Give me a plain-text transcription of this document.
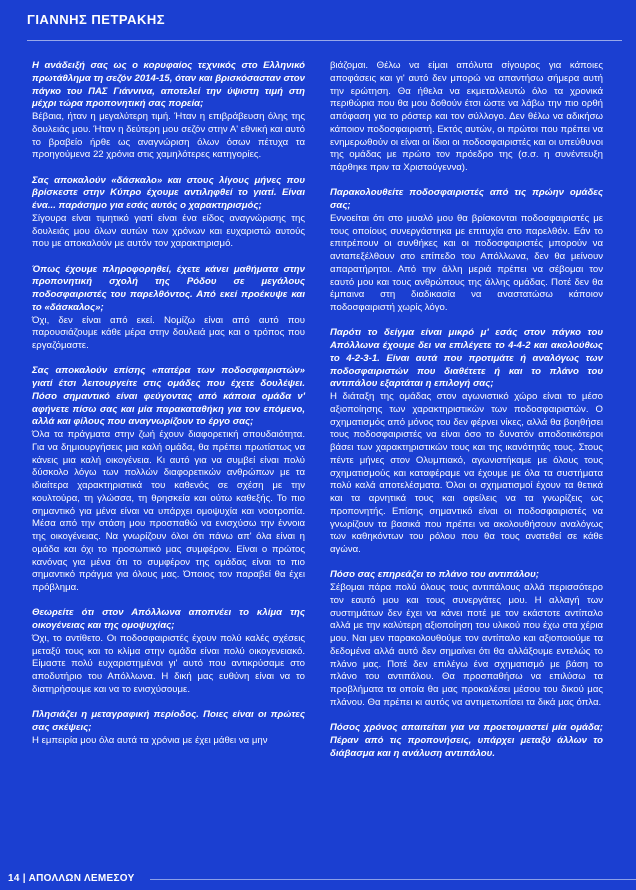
ΓΙΑΝΝΗΣ ΠΕΤΡΑΚΗΣ
Η ανάδειξή σας ως ο κορυφαίος τεχνικός στο Ελληνικό πρωτάθλημα τη σεζόν 2014-15, όταν και βρισκόσασταν στον πάγκο του ΠΑΣ Γιάννινα, αποτελεί την ύψιστη τιμή στη μέχρι τώρα προπονητική σας πορεία;
Βέβαια, ήταν η μεγαλύτερη τιμή. Ήταν η επιβράβευση όλης της δουλειάς μου. Ήταν η δεύτερη μου σεζόν στην Α' εθνική και αυτό το βραβείο ήρθε ως αναγνώριση όλων όσων πέτυχα τα προηγούμενα 22 χρόνια στις χαμηλότερες κατηγορίες.
Σας αποκαλούν «δάσκαλο» και στους λίγους μήνες που βρίσκεστε στην Κύπρο έχουμε αντιληφθεί το γιατί. Είναι ένα... παράσημο για εσάς αυτός ο χαρακτηρισμός;
Σίγουρα είναι τιμητικό γιατί είναι ένα είδος αναγνώρισης της δουλειάς μου όλων αυτών των χρόνων και ευχαριστώ αυτούς που με αποκαλούν με αυτόν τον χαρακτηρισμό.
Όπως έχουμε πληροφορηθεί, έχετε κάνει μαθήματα στην προπονητική σχολή της Ρόδου σε μεγάλους ποδοσφαιριστές του παρελθόντος. Από εκεί προέκυψε και το «δάσκαλος»;
Όχι, δεν είναι από εκεί. Νομίζω είναι από αυτό που παρουσιάζουμε κάθε μέρα στην δουλειά μας και ο τρόπος που εργαζόμαστε.
Σας αποκαλούν επίσης «πατέρα των ποδοσφαιριστών» γιατί έτσι λειτουργείτε στις ομάδες που έχετε δουλέψει. Πόσο σημαντικό είναι φεύγοντας από κάποια ομάδα ν' αφήνετε πίσω σας και μία παρακαταθήκη για τον επόμενο, αλλά και φίλους που αναγνωρίζουν το έργο σας;
Όλα τα πράγματα στην ζωή έχουν διαφορετική σπουδαιότητα. Για να δημιουργήσεις μια καλή ομάδα, θα πρέπει πρωτίστως να κάνεις μια καλή οικογένεια. Κι αυτό για να συμβεί είναι πολύ δύσκολο λόγω των πολλών διαφορετικών ανθρώπων με τα ιδιαίτερα χαρακτηριστικά του καθενός σε σχέση με την κουλτούρα, τη γλώσσα, τη θρησκεία και ούτω καθεξής. Το πιο σημαντικό για μένα είναι να υπάρχει ομοψυχία και νοοτροπία. Μέσα από την στάση μου προσπαθώ να ενισχύσω την έννοια της οικογένειας. Να γνωρίζουν όλοι ότι πάνω απ' όλα είναι η ομάδα και όχι το προσωπικό μας συμφέρον. Είναι ο πρώτος κανόνας για μένα ότι το συμφέρον της ομάδας είναι το πιο σημαντικό πράγμα για όλους μας. Όποιος τον παραβεί θα έχει πρόβλημα.
Θεωρείτε ότι στον Απόλλωνα αποπνέει το κλίμα της οικογένειας και της ομοψυχίας;
Όχι, το αντίθετο. Οι ποδοσφαιριστές έχουν πολύ καλές σχέσεις μεταξύ τους και το κλίμα στην ομάδα είναι πολύ οικογενειακό. Είμαστε πολύ ευχαριστημένοι γι' αυτό που αντικρύσαμε στο αποδυτήριο του Απόλλωνα. Η δική μας ευθύνη είναι να το διατηρήσουμε και να το ενισχύσουμε.
Πλησιάζει η μεταγραφική περίοδος. Ποιες είναι οι πρώτες σας σκέψεις;
Η εμπειρία μου όλα αυτά τα χρόνια με έχει μάθει να μην
βιάζομαι. Θέλω να είμαι απόλυτα σίγουρος για κάποιες αποφάσεις και γι' αυτό δεν μπορώ να απαντήσω σήμερα αυτή την ερώτηση. Θα ήθελα να εκμεταλλευτώ όλο τα χρονικά περιθώρια που θα μου δοθούν έτσι ώστε να λάβω την πιο ορθή απόφαση για το ρόστερ και τον σύλλογο. Δεν θέλω να αδικήσω κάποιον ποδοσφαιριστή. Εκτός αυτών, οι πρώτοι που πρέπει να ενημερωθούν οι είναι οι ίδιοι οι ποδοσφαιριστές και οι υπεύθυνοι της ομάδας με πρώτο τον πρόεδρο της (σ.σ. η συνέντευξη πάρθηκε πριν τα Χριστούγεννα).
Παρακολουθείτε ποδοσφαιριστές από τις πρώην ομάδες σας;
Εννοείται ότι στο μυαλό μου θα βρίσκονται ποδοσφαιριστές με τους οποίους συνεργάστηκα με επιτυχία στο παρελθόν. Εάν το επιτρέπουν οι συνθήκες και οι ποδοσφαιριστές μπορούν να ανταπεξέλθουν στο επίπεδο του Απόλλωνα, δεν θα μείνουν απαρατήρητοι. Από την άλλη μεριά πρέπει να σέβομαι τον εαυτό μου και τους ανθρώπους της άλλης ομάδας. Ποτέ δεν θα έμπαινα στη διαδικασία να αναστατώσω κάποιον ποδοσφαιριστή χωρίς λόγο.
Παρότι το δείγμα είναι μικρό μ' εσάς στον πάγκο του Απόλλωνα έχουμε δει να επιλέγετε το 4-4-2 και ακολούθως το 4-2-3-1. Είναι αυτά που προτιμάτε ή αναλόγως των ποδοσφαιριστών που διαθέτετε ή και το πλάνο του αντιπάλου εξαρτάται η επιλογή σας;
Η διάταξη της ομάδας στον αγωνιστικό χώρο είναι το μέσο αξιοποίησης των χαρακτηριστικών των ποδοσφαιριστών. Ο σχηματισμός από μόνος του δεν φέρνει νίκες, αλλά θα βοηθήσει τους ποδοσφαιριστές να είναι όσο το δυνατόν αποδοτικότεροι βάσει των χαρακτηριστικών τους και της ικανότητάς τους. Στους πέντε μήνες στον Ολυμπιακό, αγωνιστήκαμε με όλους τους σχηματισμούς και καταφέραμε να έχουμε με όλα τα συστήματα πολύ καλά αποτελέσματα. Όλοι οι σχηματισμοί έχουν τα θετικά και τα αρνητικά τους και οφείλεις να τα γνωρίζεις ως προπονητής. Επίσης σημαντικό είναι οι ποδοσφαιριστές να γνωρίζουν τα βασικά που πρέπει να ακολουθήσουν αναλόγως των καθηκόντων του ρόλου που θα τους ανατεθεί σε κάθε αγώνα.
Πόσο σας επηρεάζει το πλάνο του αντιπάλου;
Σέβομαι πάρα πολύ όλους τους αντιπάλους αλλά περισσότερο τον εαυτό μου και τους συνεργάτες μου. Η αλλαγή των συστημάτων δεν έχει να κάνει ποτέ με τον εκάστοτε αντίπαλο αλλά με την καλύτερη αξιοποίηση του υλικού που έχω στα χέρια μου. Ναι μεν παρακολουθούμε τον αντίπαλο και αξιοποιούμε τα δεδομένα αλλά αυτό δεν σημαίνει ότι θα αλλάξουμε εντελώς το πλάνο μας. Ποτέ δεν επιλέγω ένα σχηματισμό με βάση το πλάνο του αντιπάλου. Θα προσπαθήσω να επιλύσω τα προβλήματα τα οποία θα μας προκαλέσει μέσου του δικού μας πλάνου. Θα πρέπει κι αυτός να αντιμετωπίσει τα δικά μας όπλα.
Πόσος χρόνος απαιτείται για να προετοιμαστεί μία ομάδα; Πέραν από τις προπονήσεις, υπάρχει μεταξύ άλλων το διάβασμα και η ανάλυση αντιπάλου.
14 | ΑΠΟΛΛΩΝ ΛΕΜΕΣΟΥ
